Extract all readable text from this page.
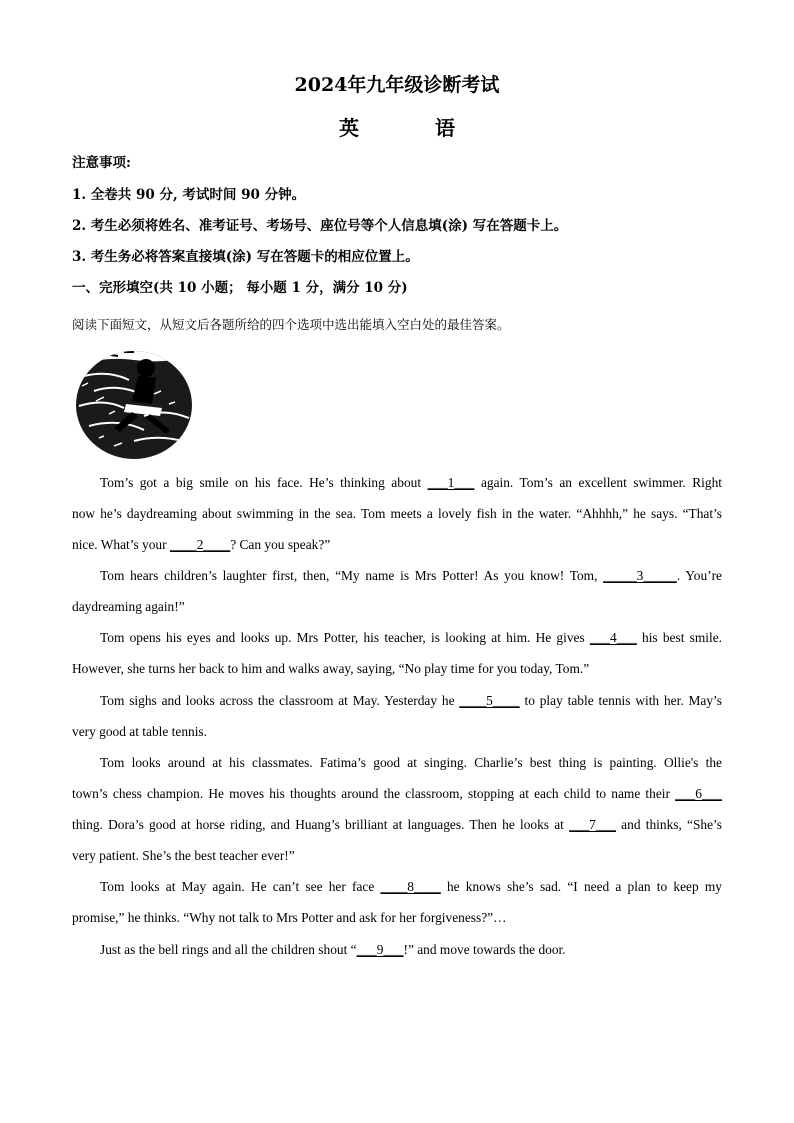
2024年九年级诊断考试
英　语
注意事项:
1. 全卷共 90 分, 考试时间 90 分钟。
2. 考生必须将姓名、准考证号、考场号、座位号等个人信息填(涂) 写在答题卡上。
3. 考生务必将答案直接填(涂) 写在答题卡的相应位置上。
一、完形填空(共 10 小题； 每小题 1 分，满分 10 分)
阅读下面短文，从短文后各题所给的四个选项中选出能填入空白处的最佳答案。
Tom’s got a big smile on his face. He’s thinking about ___1___ again. Tom’s an excellent swimmer. Right
now he’s daydreaming about swimming in the sea. Tom meets a lovely fish in the water. “Ahhhh,” he says. “That’s
nice. What’s your ____2____? Can you speak?”
Tom hears children’s laughter first, then, “My name is Mrs Potter! As you know! Tom, _____3_____. You’re
daydreaming again!”
Tom opens his eyes and looks up. Mrs Potter, his teacher, is looking at him. He gives ___4___ his best smile.
However, she turns her back to him and walks away, saying, “No play time for you today, Tom.”
Tom sighs and looks across the classroom at May. Yesterday he ____5____ to play table tennis with her. May’s
very good at table tennis.
Tom looks around at his classmates. Fatima’s good at singing. Charlie’s best thing is painting. Ollie's the
town’s chess champion. He moves his thoughts around the classroom, stopping at each child to name their ___6___
thing. Dora’s good at horse riding, and Huang’s brilliant at languages. Then he looks at ___7___ and thinks, “She’s
very patient. She’s the best teacher ever!”
Tom looks at May again. He can’t see her face ____8____ he knows she’s sad. “I need a plan to keep my
promise,” he thinks. “Why not talk to Mrs Potter and ask for her forgiveness?”…
Just as the bell rings and all the children shout “___9___!” and move towards the door.
